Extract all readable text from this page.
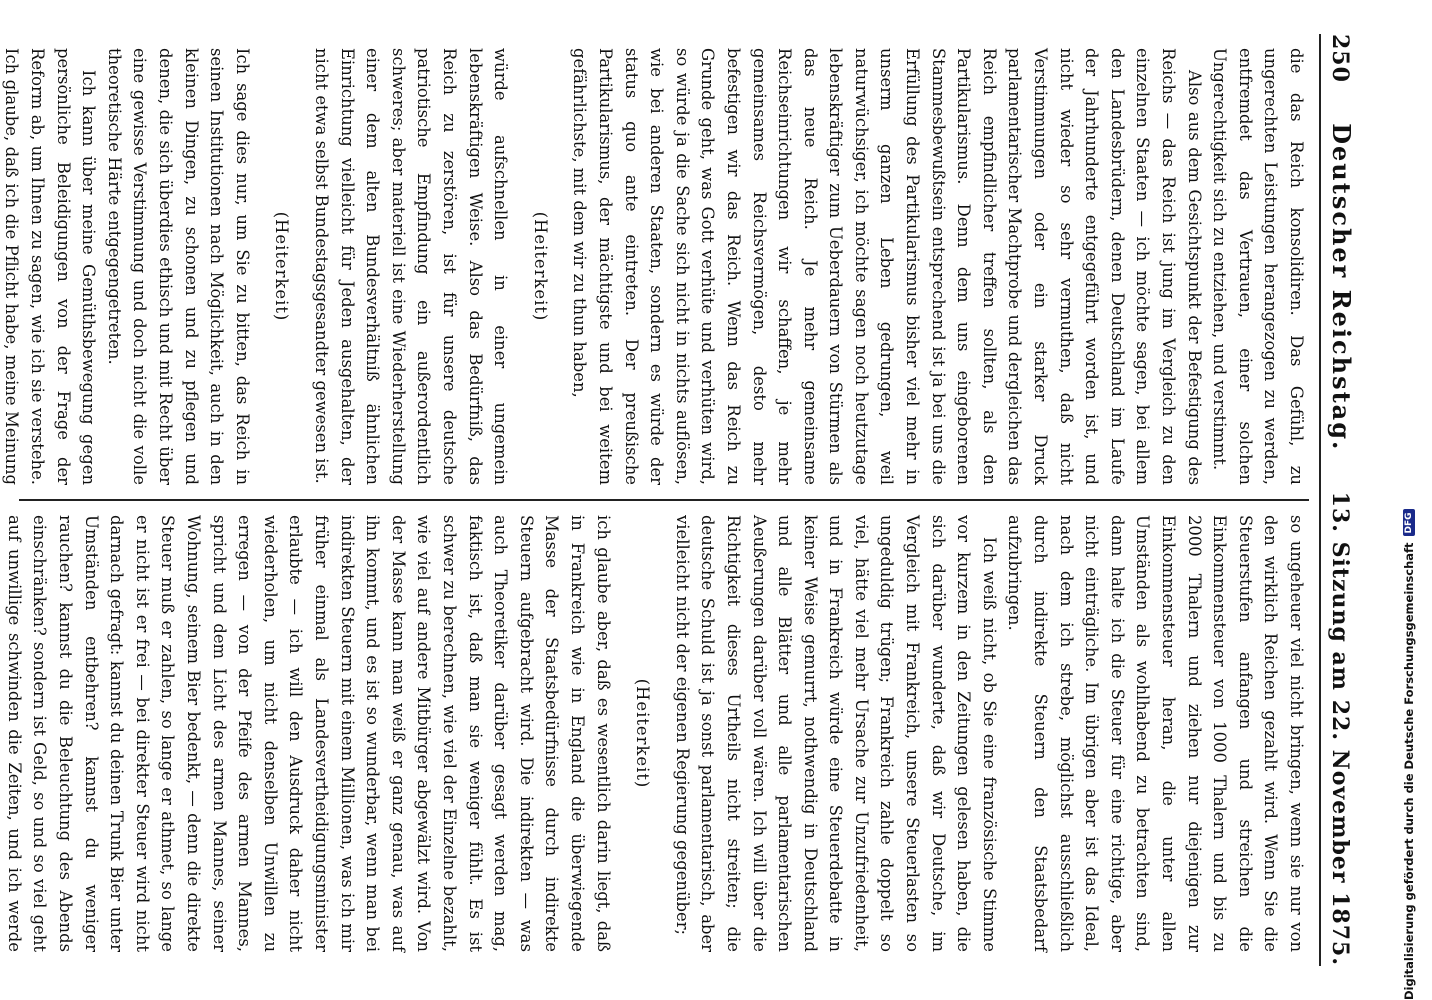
250
Deutscher Reichstag.
13. Sitzung am 22. November 1875.

die das Reich konsolidiren. Das Gefühl, zu ungerechten Leistungen herangezogen zu werden, entfremdet das Vertrauen, einer solchen Ungerechtigkeit sich zu entziehen, und verstimmt.

Also aus dem Gesichtspunkt der Befestigung des Reichs — das Reich ist jung im Vergleich zu den einzelnen Staaten — ich möchte sagen, bei allem den Landesbrüdern, denen Deutschland im Laufe der Jahrhunderte entgegeführt worden ist, und nicht wieder so sehr vermuthen, daß nicht Verstimmungen oder ein starker Druck parlamentarischer Machtprobe und dergleichen das Reich empfindlicher treffen sollten, als den Partikularismus. Denn dem uns eingeborenen Stammesbewußtsein entsprechend ist ja bei uns die Erfüllung des Partikularismus bisher viel mehr in unserm ganzen Leben gedrungen, weil naturwüchsiger, ich möchte sagen noch heutzutage lebenskräftiger zum Ueberdauern von Stürmen als das neue Reich. Je mehr gemeinsame Reichseinrichtungen wir schaffen, je mehr gemeinsames Reichsvermögen, desto mehr befestigen wir das Reich. Wenn das Reich zu Grunde geht, was Gott verhüte und verhüten wird, so würde ja die Sache sich nicht in nichts auflösen, wie bei anderen Staaten, sondern es würde der status quo ante eintreten. Der preußische Partikularismus, der mächtigste und bei weitem gefährlichste, mit dem wir zu thun haben,

(Heiterkeit)

würde aufschnellen in einer ungemein lebenskräftigen Weise. Also das Bedürfniß, das Reich zu zerstören, ist für unsere deutsche patriotische Empfindung ein außerordentlich schweres; aber materiell ist eine Wiederherstellung einer dem alten Bundesverhältniß ähnlichen Einrichtung vielleicht für Jeden ausgehalten, der nicht etwa selbst Bundestagsgesandter gewesen ist.

(Heiterkeit)

Ich sage dies nur, um Sie zu bitten, das Reich in seinen Institutionen nach Möglichkeit, auch in den kleinen Dingen, zu schonen und zu pflegen und denen, die sich überdies ethisch und mit Recht über eine gewisse Verstimmung und doch nicht die volle theoretische Härte entgegengetreten.

Ich kann über meine Gemüthsbewegung gegen persönliche Beleidigungen von der Frage der Reform ab, um Ihnen zu sagen, wie ich sie verstehe. Ich glaube, daß ich die Pflicht habe, meine Meinung

so ungeheuer viel nicht bringen, wenn sie nur von den wirklich Reichen gezahlt wird. Wenn Sie die Steuerstufen anfangen und streichen die Einkommensteuer von 1000 Thalern und bis zu 2000 Thalern und ziehen nur diejenigen zur Einkommensteuer heran, die unter allen Umständen als wohlhabend zu betrachten sind, dann halte ich die Steuer für eine richtige, aber nicht einträgliche. Im übrigen aber ist das Ideal, nach dem ich strebe, möglichst ausschließlich durch indirekte Steuern den Staatsbedarf aufzubringen.

Ich weiß nicht, ob Sie eine französische Stimme vor kurzem in den Zeitungen gelesen haben, die sich darüber wunderte, daß wir Deutsche, im Vergleich mit Frankreich, unsere Steuerlasten so ungeduldig trügen; Frankreich zahle doppelt so viel, hätte viel mehr Ursache zur Unzufriedenheit, und in Frankreich würde eine Steuerdebatte in keiner Weise gemurrt, nothwendig in Deutschland und alle Blätter und alle parlamentarischen Aeußerungen darüber voll wären. Ich will über die Richtigkeit dieses Urtheils nicht streiten; die deutsche Schuld ist ja sonst parlamentarisch, aber vielleicht nicht der eigenen Regierung gegenüber;

(Heiterkeit)

ich glaube aber, daß es wesentlich darin liegt, daß in Frankreich wie in England die überwiegende Masse der Staatsbedürfnisse durch indirekte Steuern aufgebracht wird. Die indirekten — was auch Theoretiker darüber gesagt werden mag, faktisch ist, daß man sie weniger fühlt. Es ist schwer zu berechnen, wie viel der Einzelne bezahlt, wie viel auf andere Mitbürger abgewälzt wird. Von der Masse kann man weiß er ganz genau, was auf ihn kommt, und es ist so wunderbar, wenn man bei indirekten Steuern mit einem Millionen, was ich mir früher einmal als Landesvertheidigungsminister erlaubte — ich will den Ausdruck daher nicht wiederholen, um nicht denselben Unwillen zu erregen — von der Pfeife des armen Mannes, spricht und dem Licht des armen Mannes, seiner Wohnung, seinem Bier bedenkt, — denn die direkte Steuer muß er zahlen, so lange er athmet, so lange er nicht ist er frei — bei direkter Steuer wird nicht darnach gefragt: kannst du deinen Trunk Bier unter Umständen entbehren? kannst du weniger rauchen? kannst du die Beleuchtung des Abends einschränken? sondern ist Geld, so und so viel geht auf unwillige schwinden die Zeiten, und ich werde	Digitalisierung gefördert durch die Deutsche Forschungsgemeinschaft
DFG
